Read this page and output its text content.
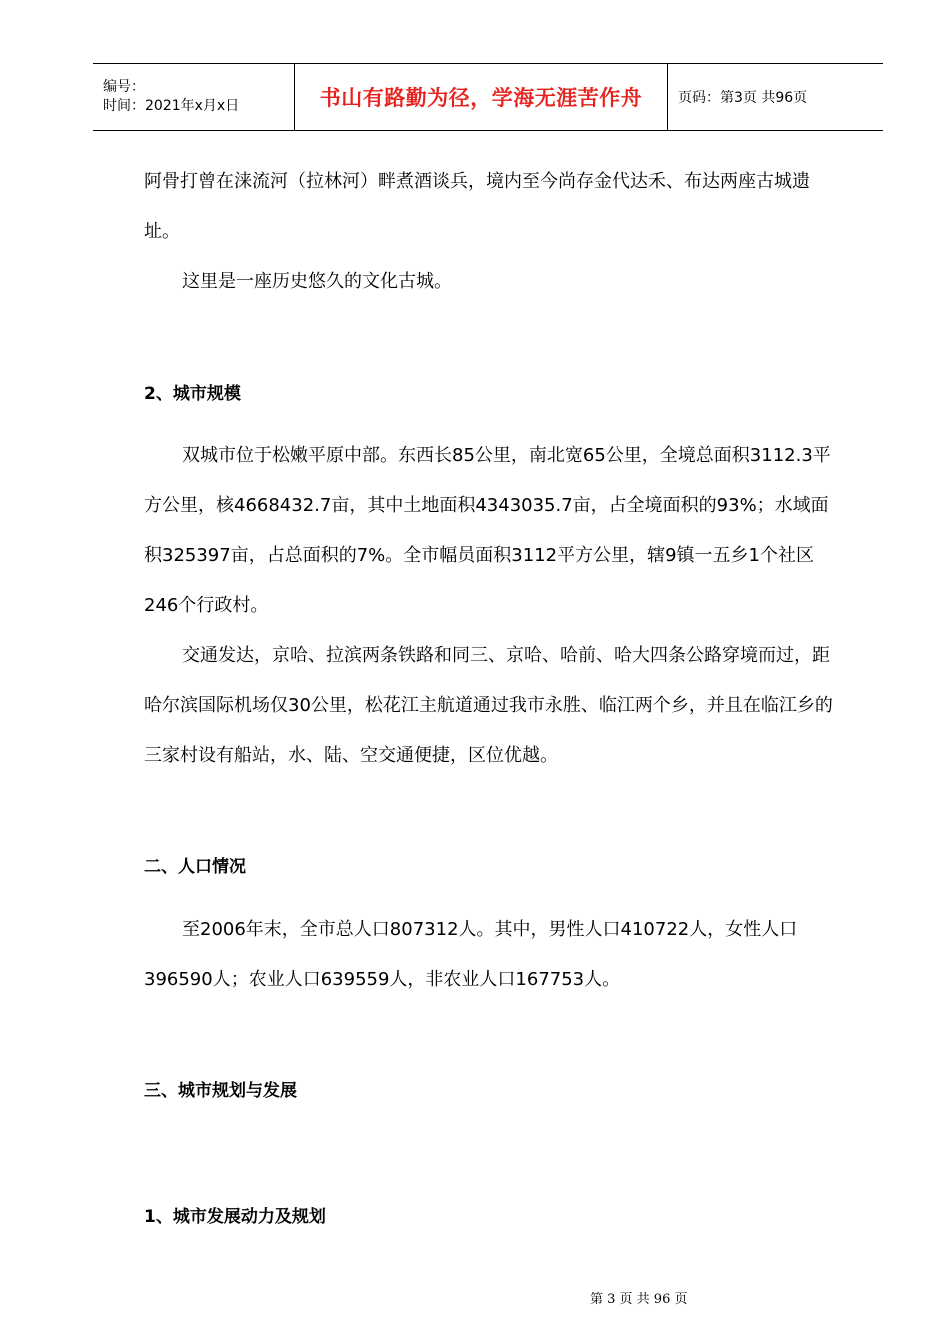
编号：
时间：2021年x月x日	书山有路勤为径，学海无涯苦作舟	页码：第3页 共96页

阿骨打曾在涞流河（拉林河）畔煮酒谈兵，境内至今尚存金代达禾、布达两座古城遗址。

这里是一座历史悠久的文化古城。

2、城市规模

双城市位于松嫩平原中部。东西长85公里，南北宽65公里，全境总面积3112.3平方公里，核4668432.7亩，其中土地面积4343035.7亩，占全境面积的93%；水域面积325397亩，占总面积的7%。全市幅员面积3112平方公里，辖9镇一五乡1个社区246个行政村。

交通发达，京哈、拉滨两条铁路和同三、京哈、哈前、哈大四条公路穿境而过，距哈尔滨国际机场仅30公里，松花江主航道通过我市永胜、临江两个乡，并且在临江乡的三家村设有船站，水、陆、空交通便捷，区位优越。

二、人口情况

至2006年末，全市总人口807312人。其中，男性人口410722人，女性人口396590人；农业人口639559人，非农业人口167753人。

三、城市规划与发展
1、城市发展动力及规划
第 3 页 共 96 页
